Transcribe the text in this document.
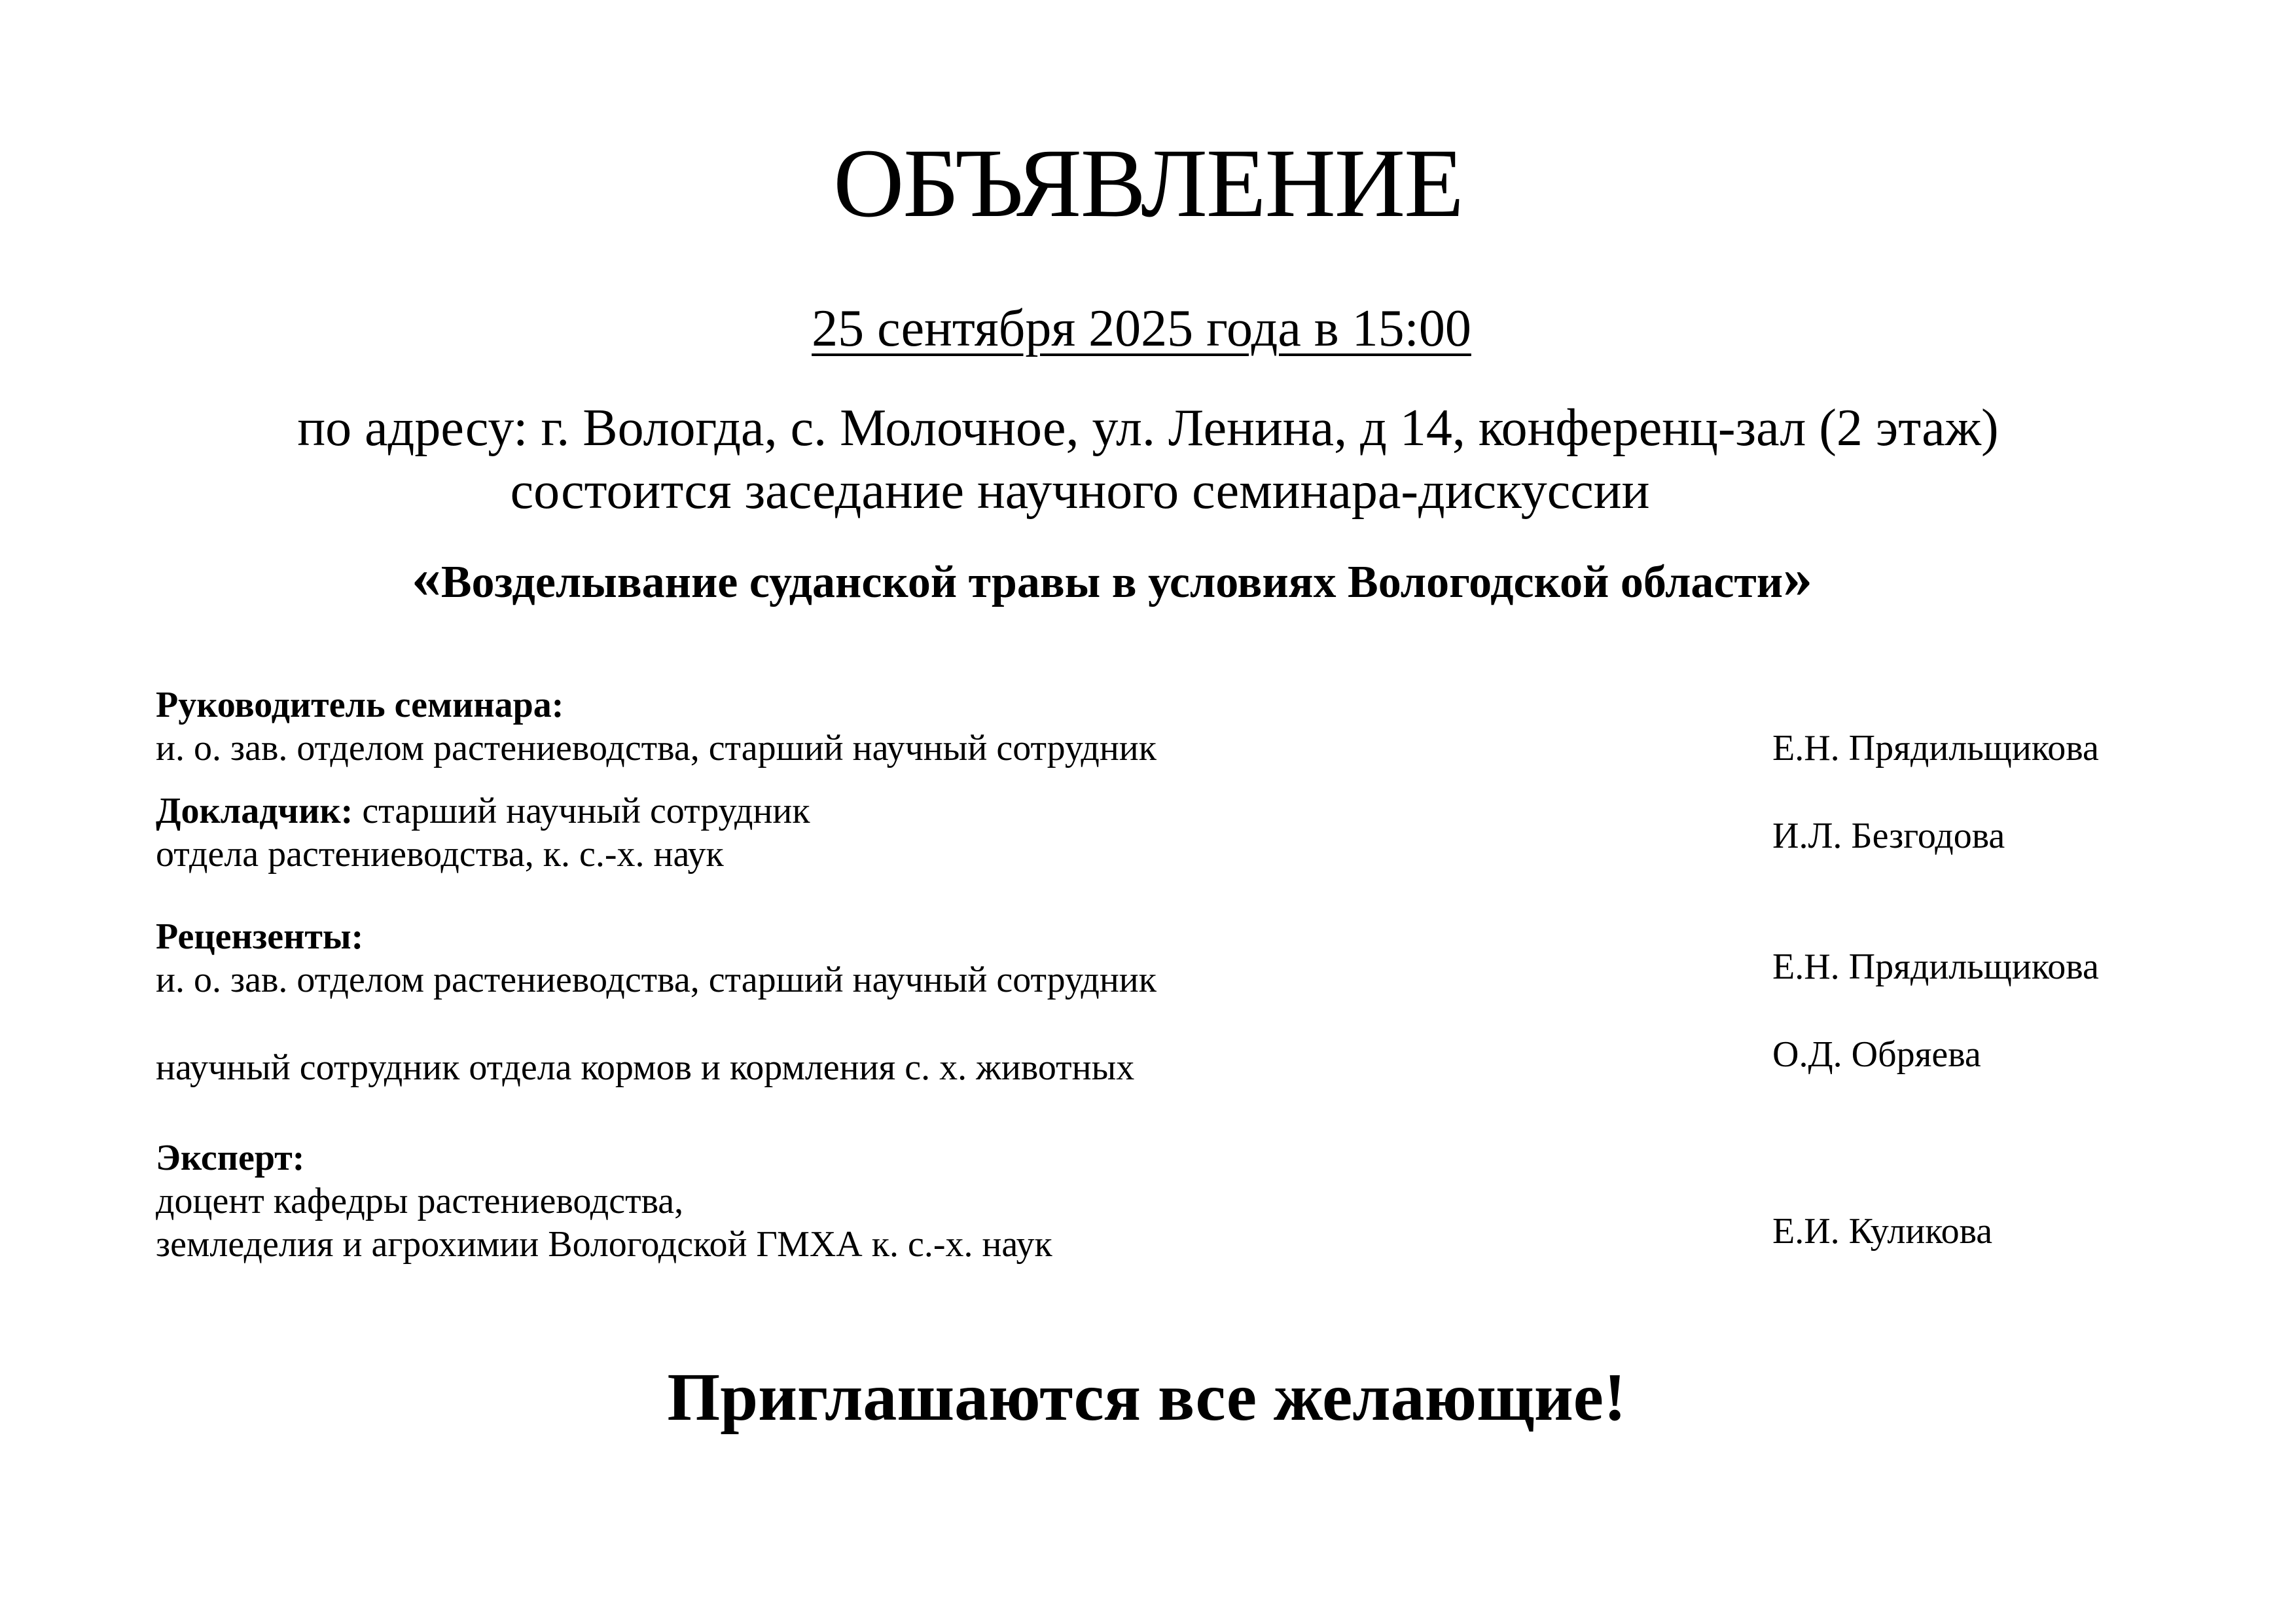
ОБЪЯВЛЕНИЕ
25 сентября 2025 года в 15:00
по адресу: г. Вологда, с. Молочное, ул. Ленина, д 14, конференц-зал (2 этаж)
состоится заседание научного семинара-дискуссии
«Возделывание суданской травы в условиях Вологодской области»
Руководитель семинара:
и. о. зав. отделом растениеводства, старший научный сотрудник	Е.Н. Прядильщикова
Докладчик: старший научный сотрудник
отдела растениеводства, к. с.-х. наук	И.Л. Безгодова
Рецензенты:
и. о. зав. отделом растениеводства, старший научный сотрудник	Е.Н. Прядильщикова
научный сотрудник отдела кормов и кормления с. х. животных	О.Д. Обряева
Эксперт:
доцент кафедры растениеводства,
земледелия и агрохимии Вологодской ГМХА к. с.-х. наук	Е.И. Куликова
Приглашаются все желающие!
